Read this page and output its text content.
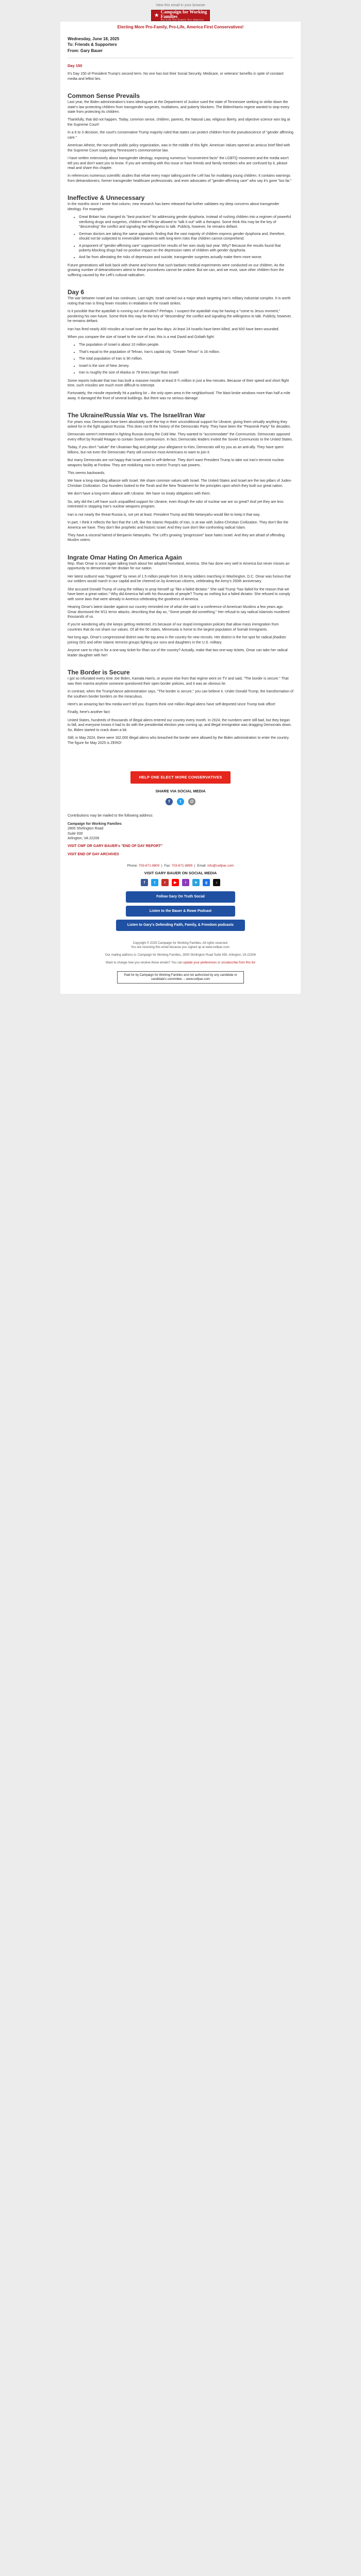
View this email in your browser
★
Campaign for Working
Families
Pro-Life Pro-Family Pro-America
Electing More Pro-Family, Pro-Life, America First Conservatives!
Wednesday, June 18, 2025
To: Friends & Supporters
From: Gary Bauer
Day 150

It's Day 150 of President Trump's second term. No one has lost their Social Security, Medicare, or veterans' benefits in spite of constant media and leftist lies.

Common Sense Prevails

Last year, the Biden administration's trans ideologues at the Department of Justice sued the state of Tennessee seeking to strike down the state's law protecting children from transgender surgeries, mutilations, and puberty blockers. The Biden/Harris regime wanted to stop every state from protecting its children.

Thankfully, that did not happen. Today, common sense, children, parents, the Natural Law, religious liberty, and objective science won big at the Supreme Court!

In a 6 to 3 decision, the court's conservative Trump majority ruled that states can protect children from the pseudoscience of "gender affirming care."

American Atheist, the non-profit public policy organization, was in the middle of this fight. American Values opened an amicus brief filed with the Supreme Court supporting Tennessee's commonsense law.

I have written extensively about transgender ideology, exposing numerous "inconvenient facts" the LGBTQ movement and the media won't tell you and don't want you to know. If you are wrestling with this issue or have friends and family members who are confused by it, please read and share this chapter.

In references numerous scientific studies that refute every major talking point the Left has for mutilating young children. It contains warnings from detransitioners, former transgender healthcare professionals, and even advocates of "gender-affirming care" who say it's gone "too far."

Ineffective & Unnecessary

In the months since I wrote that column, new research has been released that further validates my deep concerns about transgender ideology. For example:

• Great Britain has changed its "best practices" for addressing gender dysphoria. Instead of rushing children into a regimen of powerful sterilizing drugs and surgeries, children will first be allowed to "talk it out" with a therapist. Some think this may be the key of "descending" the conflict and signaling the willingness to talk. Publicly, however, he remains defiant.
• German doctors are taking the same approach, finding that the vast majority of children express gender dysphoria and, therefore, should not be subjected to irreversible treatments with long-term risks that children cannot comprehend.
• A proponent of "gender-affirming care" suppressed her results of her own study last year. Why? Because the results found that puberty-blocking drugs had no positive impact on the depression rates of children with gender dysphoria.
• And far from alleviating the risks of depression and suicide, transgender surgeries actually make them more worse.

Future generations will look back with shame and horror that such barbaric medical experiments were conducted on our children. As the growing number of detransitioners attest to these procedures cannot be undone. But we can, and we must, save other children from the suffering caused by the Left's cultural radicalism.

Day 6

The war between Israel and Iran continues. Last night, Israel carried out a major attack targeting Iran's military industrial complex. It is worth noting that Iran is firing fewer missiles in retaliation to the Israeli strikes.

Is it possible that the ayatollah is running out of missiles? Perhaps. I suspect the ayatollah may be having a "come to Jesus moment," pondering his own future. Some think this may be the key of "descending" the conflict and signaling the willingness to talk. Publicly, however, he remains defiant.

Iran has fired nearly 400 missiles at Israel over the past few days. At least 24 Israelis have been killed, and 600 have been wounded.

When you compare the size of Israel to the size of Iran, this is a real David and Goliath fight:

• The population of Israel is about 10 million people.
• That's equal to the population of Tehran, Iran's capital city. "Greater Tehran" is 16 million.
• The total population of Iran is 90 million.
• Israel is the size of New Jersey.
• Iran is roughly the size of Alaska or 79 times larger than Israel!

Some reports indicate that Iran has built a massive missile at least 8 ¾ million in just a few minutes. Because of their speed and short flight time, such missiles are much more difficult to intercept.

Fortunately, the missile reportedly hit a parking lot – the only open area in the neighborhood. The blast broke windows more than half a mile away. It damaged the front of several buildings. But there was no serious damage.

The Ukraine/Russia War vs. The Israel/Iran War

For years now, Democrats have been absolutely over-the-top in their unconditional support for Ukraine, giving them virtually anything they asked for in the fight against Russia. This does not fit the history of the Democratic Party. They have been the "Peacenik Party" for decades.

Democrats weren't interested in fighting Russia during the Cold War. They wanted to "accommodate" the Communists. Democrats opposed every effort by Ronald Reagan to contain Soviet communism. In fact, Democratic leaders invited the Soviet Communists to the United States.

Today, if you don't "salute" the Ukrainian flag and pledge your allegiance to Kiev, Democrats will try you as an anti-ally. They have spent billions, but not even the Democratic Party will convince most Americans to want to join it.

But many Democrats are not happy that Israel acted in self-defense. They don't want President Trump to take out Iran's terrorist nuclear weapons facility at Fordow. They are mobilizing now to restrict Trump's war powers.

This seems backwards.

We have a long-standing alliance with Israel. We share common values with Israel. The United States and Israel are the two pillars of Judeo-Christian Civilization. Our founders looked to the Torah and the New Testament for the principles upon which they built our great nation.

We don't have a long-term alliance with Ukraine. We have no treaty obligations with them.

So, why did the Left have such unqualified support for Ukraine, even though the odor of nuclear war are so great? And yet they are less interested in stopping Iran's nuclear weapons program.

Iran is not nearly the threat Russia is, not yet at least. President Trump and Bibi Netanyahu would like to keep it that way.

In part, I think it reflects the fact that the Left, like the Islamic Republic of Iran, is at war with Judeo-Christian Civilization. They don't like the America we have. They don't like prophetic and historic Israel. And they sure don't like confronting radical Islam.

They have a visceral hatred of Benjamin Netanyahu. The Left's growing "progressive" base hates Israel. And they are afraid of offending Muslim voters.

Ingrate Omar Hating On America Again

Rep. Ilhan Omar is once again talking trash about her adopted homeland, America. She has done very well in America but never misses an opportunity to demonstrate her disdain for our nation.

Her latest outburst was "triggered" by news of 1.5 million people from 16 Army soldiers marching in Washington, D.C. Omar was furious that our soldiers would march in our capital and be cheered on by American citizens, celebrating the Army's 250th anniversary.

She accused Donald Trump of using the military to prop himself up "like a failed dictator." She said Trump "has failed for the reason that we have been a great nation." Why did America fail with his thousands of people? Trump as nothing but a failed dictator. She refused to comply with some laws that were already in America celebrating the goodness of America.

Hearing Omar's latest slander against our country reminded me of what she said in a conference of American Muslims a few years ago. Omar dismissed the 9/11 terror attacks, describing that day as, "Some people did something." Her refusal to say radical Islamists murdered thousands of us.

If you're wondering why she keeps getting reelected, it's because of our stupid immigration policies that allow mass immigration from countries that do not share our values. Of all the 50 states, Minnesota is home to the largest population of Somali immigrants.

Not long ago, Omar's congressional district was the top area in the country for new recruits. Her district is the hot spot for radical jihadists joining ISIS and other Islamic terrorist groups fighting our sons and daughters in the U.S. military.

Anyone care to chip in for a one-way ticket for Ilhan out of the country? Actually, make that two one-way tickets. Omar can take her radical leader daughter with her!

The Border is Secure

I got so infuriated every time Joe Biden, Kamala Harris, or anyone else from that regime went on TV and said, "The border is secure." That was their mantra anytime someone questioned their open border policies, and it was an obvious lie.

In contrast, when the Trump/Vance administration says, "The border is secure," you can believe it. Under Donald Trump, the transformation of the southern border borders on the miraculous.

Here's an amazing fact few media won't tell you: Experts think one million illegal aliens have self-deported since Trump took office!

Finally, here's another fact:

United States, hundreds of thousands of illegal aliens entered our country every month. In 2024, the numbers were still bad, but they began to fall, and everyone knows it had to do with the presidential election year coming up, and illegal immigration was dragging Democrats down. So, Biden started to crack down a bit.

Still, in May 2024, there were 162,000 illegal aliens who breached the border were allowed by the Biden administration to enter the country. The figure for May 2025 is ZERO!

HELP ONE ELECT MORE CONSERVATIVES
SHARE VIA SOCIAL MEDIA
f	t	@
Contributions may be mailed to the following address:
Campaign for Working Families
2800 Shirlington Road
Suite 930
Arlington, VA 22206
VISIT CWF OR GARY BAUER's "END OF DAY REPORT"
VISIT END OF DAY ARCHIVES
Phone: 703-671-8800  |  Fax: 703-671-8899  |  Email: info@cwfpac.com
VISIT GARY BAUER ON SOCIAL MEDIA
f	t	r	▶	i	➤	g	♪
Follow Gary On Truth Social
Listen to the Bauer & Rowe Podcast
Listen to Gary's Defending Faith, Family, & Freedom podcasts
Copyright © 2025 Campaign for Working Families, All rights reserved.
You are receiving this email because you signed up at www.cwfpac.com.
Our mailing address is: Campaign for Working Families, 2800 Shirlington Road Suite 930, Arlington, VA 22206
Want to change how you receive these emails? You can update your preferences or unsubscribe from this list
Paid for by Campaign for Working Families and not authorized by any candidate or candidate's committee. – www.cwfpac.com
